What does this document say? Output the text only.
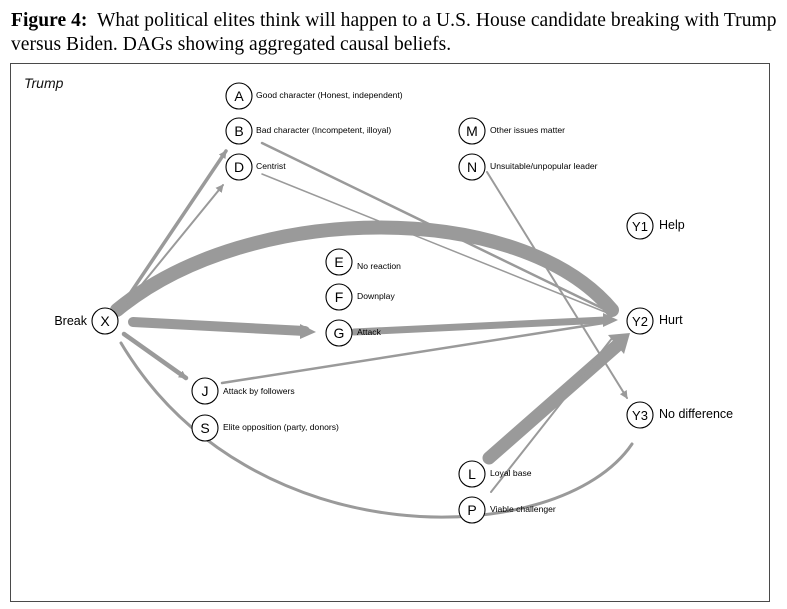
Figure 4: What political elites think will happen to a U.S. House candidate breaking with Trump versus Biden. DAGs showing aggregated causal beliefs.
Trump
X
Break
A Good character (Honest, independent)
B Bad character (Incompetent, illoyal)
D Centrist
M Other issues matter
N Unsuitable/unpopular leader
E No reaction
F Downplay
G Attack
J Attack by followers
S Elite opposition (party, donors)
L Loyal base
P Viable challenger
Y1 Help
Y2 Hurt
Y3 No difference
